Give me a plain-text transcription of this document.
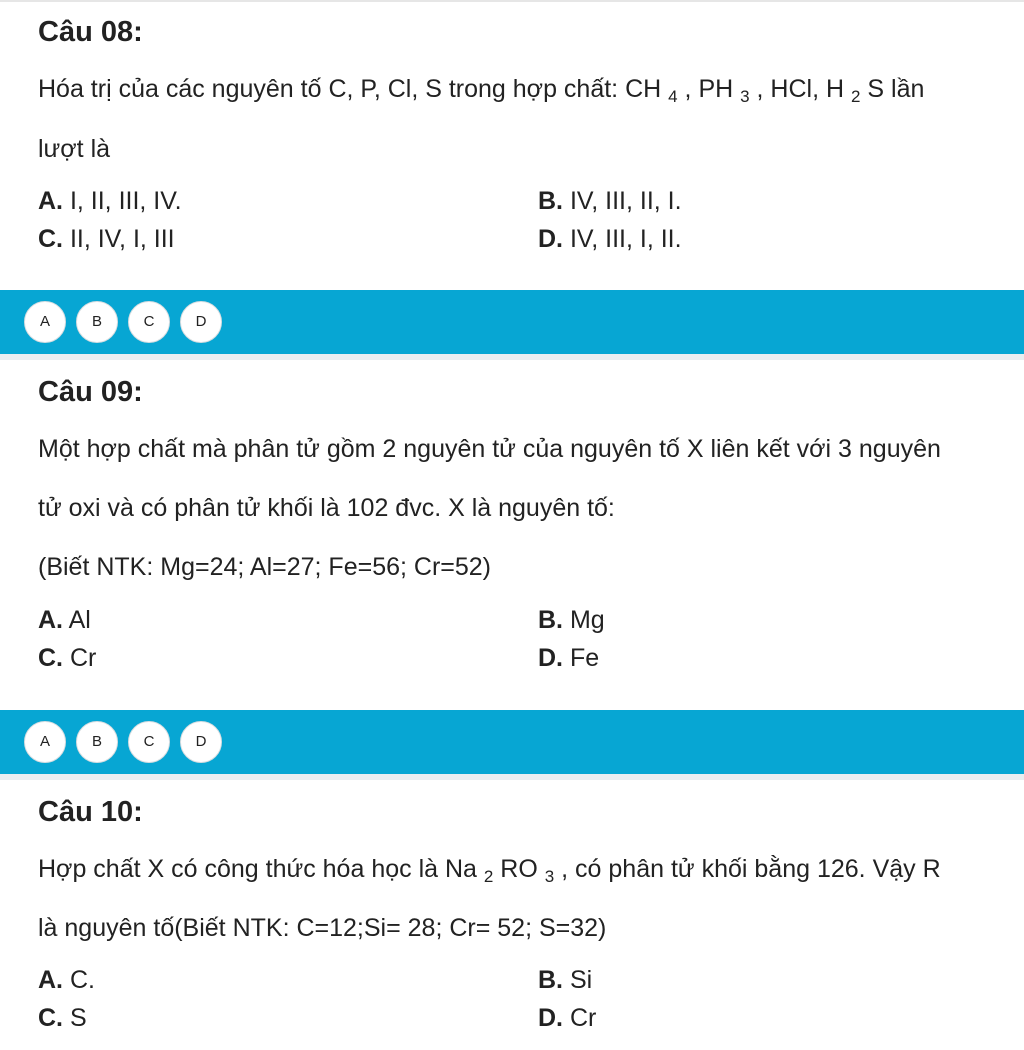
Câu 08:

Hóa trị của các nguyên tố C, P, Cl, S trong hợp chất: CH $_4$ , PH $_3$ , HCl, H $_2$ S lần

lượt là

A. I, II, III, IV.	B. IV, III, II, I.

C. II, IV, I, III	D. IV, III, I, II.

A	B	C	D

Câu 09:

Một hợp chất mà phân tử gồm 2 nguyên tử của nguyên tố X liên kết với 3 nguyên

tử oxi và có phân tử khối là 102 đvc. X là nguyên tố:

(Biết NTK: Mg=24; Al=27; Fe=56; Cr=52)

A. Al	B. Mg

C. Cr	D. Fe

A	B	C	D

Câu 10:

Hợp chất X có công thức hóa học là Na $_2$ RO $_3$ , có phân tử khối bằng 126. Vậy R

là nguyên tố(Biết NTK: C=12;Si= 28; Cr= 52; S=32)

A. C.	B. Si

C. S	D. Cr
